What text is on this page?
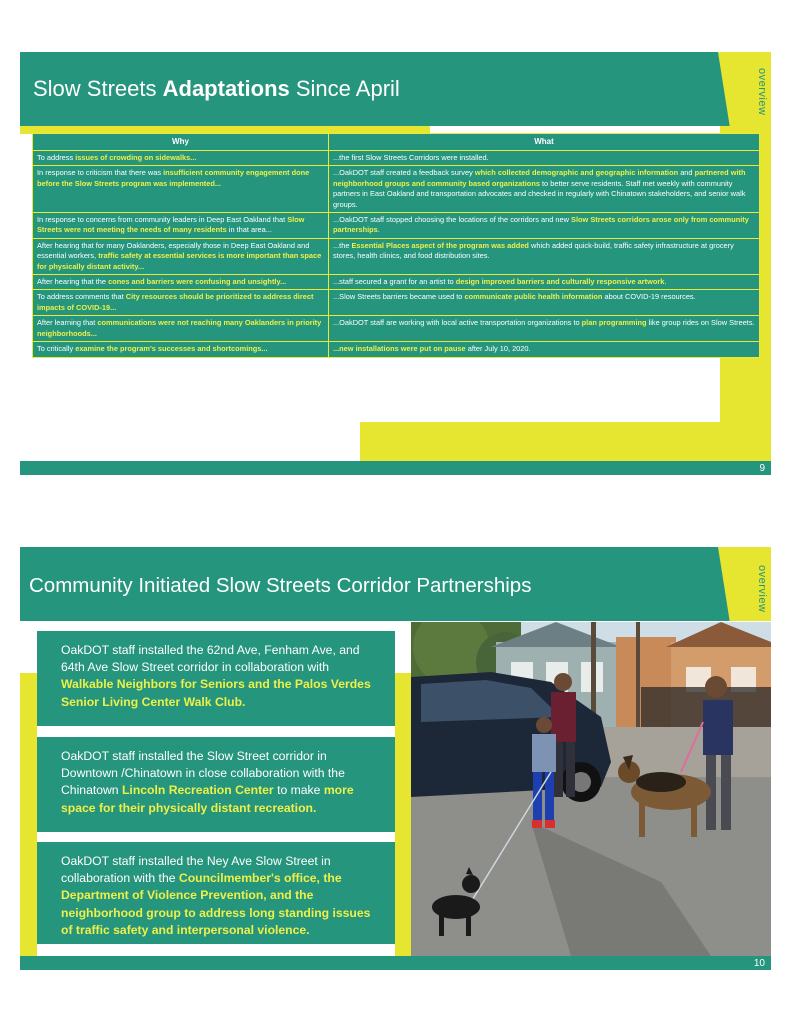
Slow Streets Adaptations Since April	overview
Why	What
To address issues of crowding on sidewalks...	...the first Slow Streets Corridors were installed.
In response to criticism that there was insufficient community engagement done before the Slow Streets program was implemented...	...OakDOT staff created a feedback survey which collected demographic and geographic information and partnered with neighborhood groups and community based organizations to better serve residents. Staff met weekly with community partners in East Oakland and transportation advocates and checked in regularly with Chinatown stakeholders, and senior walk groups.
In response to concerns from community leaders in Deep East Oakland that Slow Streets were not meeting the needs of many residents in that area...	...OakDOT staff stopped choosing the locations of the corridors and new Slow Streets corridors arose only from community partnerships.
After hearing that for many Oaklanders, especially those in Deep East Oakland and essential workers, traffic safety at essential services is more important than space for physically distant activity...	...the Essential Places aspect of the program was added which added quick-build, traffic safety infrastructure at grocery stores, health clinics, and food distribution sites.
After hearing that the cones and barriers were confusing and unsightly...	...staff secured a grant for an artist to design improved barriers and culturally responsive artwork.
To address comments that City resources should be prioritized to address direct impacts of COVID-19...	...Slow Streets barriers became used to communicate public health information about COVID-19 resources.
After learning that communications were not reaching many Oaklanders in priority neighborhoods...	...OakDOT staff are working with local active transportation organizations to plan programming like group rides on Slow Streets.
To critically examine the program's successes and shortcomings...	...new installations were put on pause after July 10, 2020.
9
Community Initiated Slow Streets Corridor Partnerships	overview
OakDOT staff installed the 62nd Ave, Fenham Ave, and 64th Ave Slow Street corridor in collaboration with Walkable Neighbors for Seniors and the Palos Verdes Senior Living Center Walk Club.
OakDOT staff installed the Slow Street corridor in Downtown /Chinatown in close collaboration with the Chinatown Lincoln Recreation Center to make more space for their physically distant recreation.
OakDOT staff installed the Ney Ave Slow Street in collaboration with the Councilmember's office, the Department of Violence Prevention, and the neighborhood group to address long standing issues of traffic safety and interpersonal violence.
10
